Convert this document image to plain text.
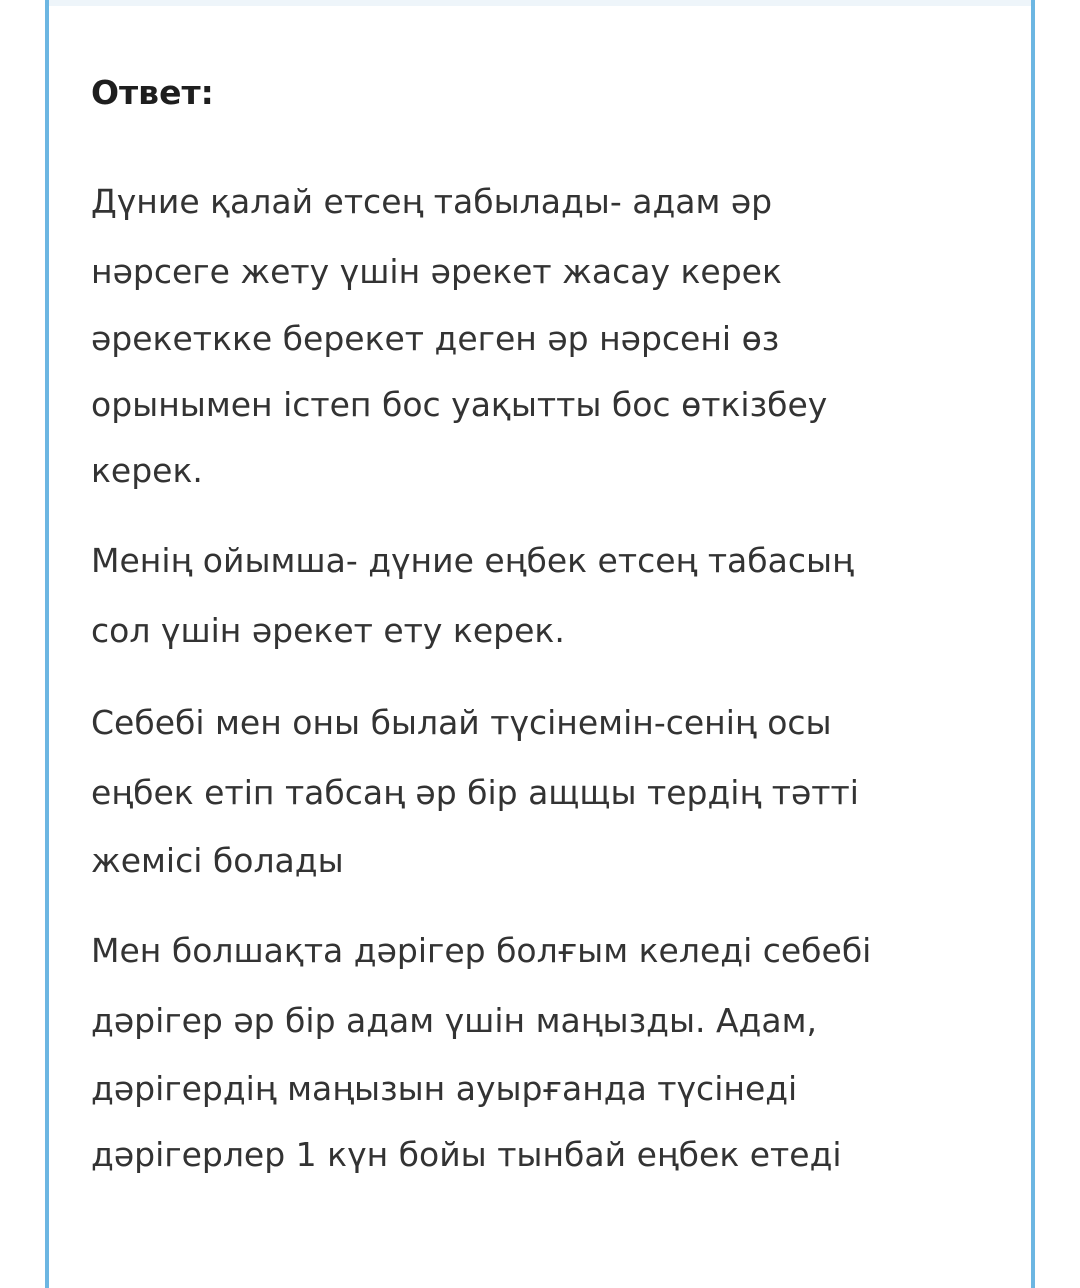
Ответ:
Дүние қалай етсең табылады- адам әр
нәрсеге жету үшін әрекет жасау керек
әрекеткке берекет деген әр нәрсені өз
орынымен істеп бос уақытты бос өткізбеу
керек.
Менің ойымша- дүние еңбек етсең табасың
сол үшін әрекет ету керек.
Себебі мен оны былай түсінемін-сенің осы
еңбек етіп табсаң әр бір ащщы тердің тәтті
жемісі болады
Мен болшақта дәрігер болғым келеді себебі
дәрігер әр бір адам үшін маңызды. Адам,
дәрігердің маңызын ауырғанда түсінеді
дәрігерлер 1 күн бойы тынбай еңбек етеді
